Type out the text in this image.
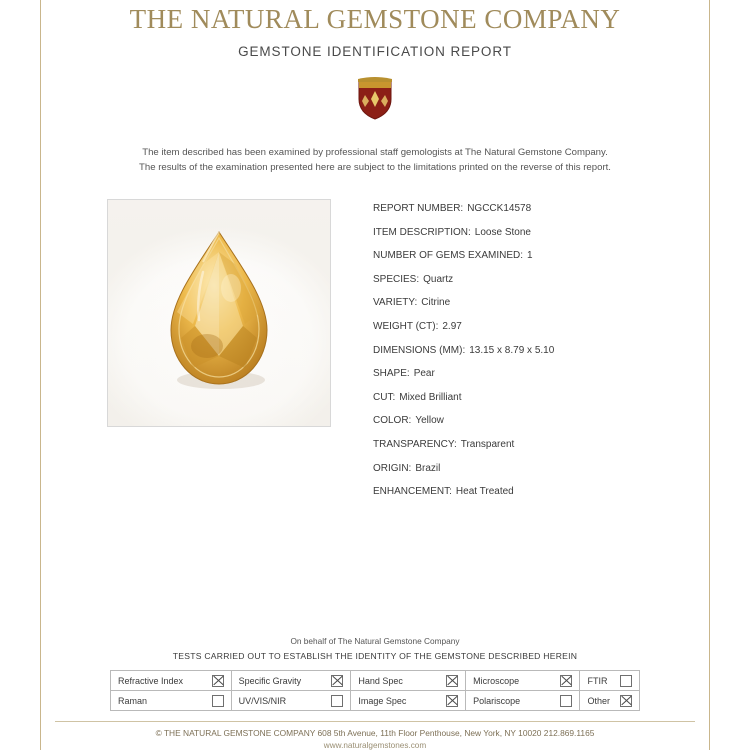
THE NATURAL GEMSTONE COMPANY
GEMSTONE IDENTIFICATION REPORT
The item described has been examined by professional staff gemologists at The Natural Gemstone Company.
The results of the examination presented here are subject to the limitations printed on the reverse of this report.
REPORT NUMBER: NGCCK14578
ITEM DESCRIPTION: Loose Stone
NUMBER OF GEMS EXAMINED: 1
SPECIES: Quartz
VARIETY: Citrine
WEIGHT (CT): 2.97
DIMENSIONS (MM): 13.15 x 8.79 x 5.10
SHAPE: Pear
CUT: Mixed Brilliant
COLOR: Yellow
TRANSPARENCY: Transparent
ORIGIN: Brazil
ENHANCEMENT: Heat Treated
On behalf of The Natural Gemstone Company
TESTS CARRIED OUT TO ESTABLISH THE IDENTITY OF THE GEMSTONE DESCRIBED HEREIN
Refractive Index	Specific Gravity	Hand Spec	Microscope	FTIR

Raman	UV/VIS/NIR	Image Spec	Polariscope	Other
© THE NATURAL GEMSTONE COMPANY 608 5th Avenue, 11th Floor Penthouse, New York, NY 10020 212.869.1165
www.naturalgemstones.com
